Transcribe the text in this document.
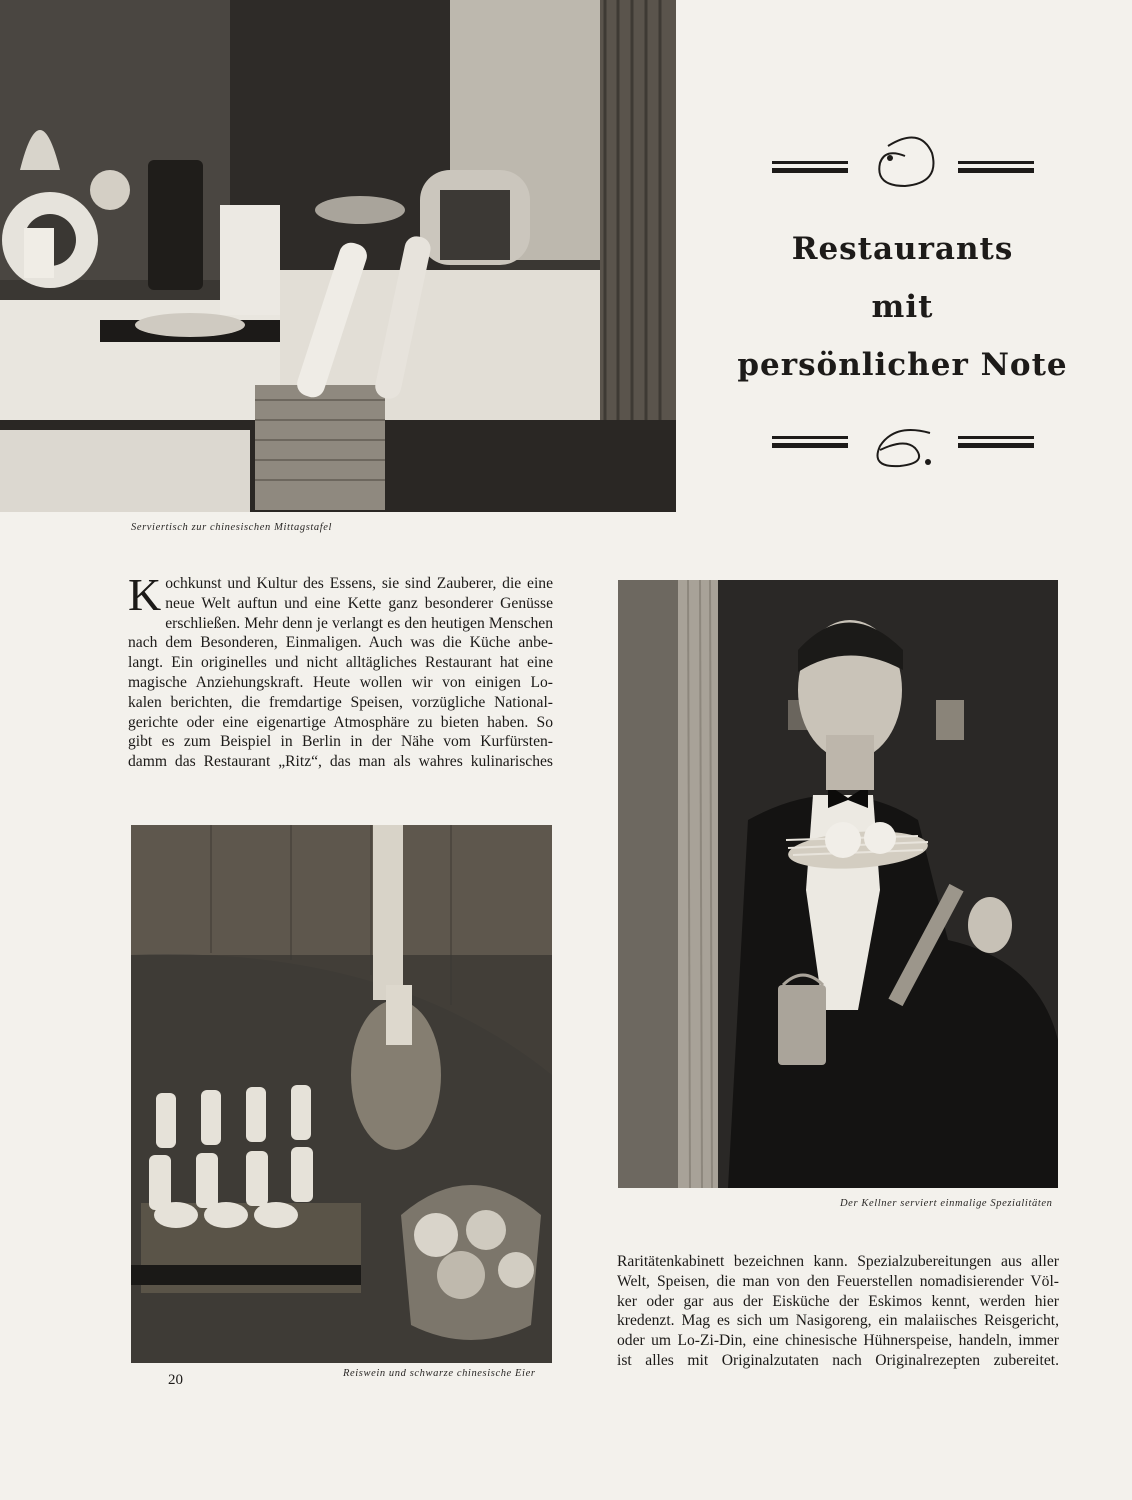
Serviertisch zur chinesischen Mittagstafel
Restaurants
mit
persönlicher Note
K ochkunst und Kultur des Essens, sie sind Zauberer, die eine
neue Welt auftun und eine Kette ganz besonderer Genüsse
erschließen. Mehr denn je verlangt es den heutigen Menschen
nach dem Besonderen, Einmaligen. Auch was die Küche anbe-
langt. Ein originelles und nicht alltägliches Restaurant hat eine
magische Anziehungskraft. Heute wollen wir von einigen Lo-
kalen berichten, die fremdartige Speisen, vorzügliche National-
gerichte oder eine eigenartige Atmosphäre zu bieten haben. So
gibt es zum Beispiel in Berlin in der Nähe vom Kurfürsten-
damm das Restaurant „Ritz“, das man als wahres kulinarisches
Der Kellner serviert einmalige Spezialitäten
Reiswein und schwarze chinesische Eier
Raritätenkabinett bezeichnen kann. Spezialzubereitungen aus aller
Welt, Speisen, die man von den Feuerstellen nomadisierender Völ-
ker oder gar aus der Eisküche der Eskimos kennt, werden hier
kredenzt. Mag es sich um Nasigoreng, ein malaiisches Reisgericht,
oder um Lo-Zi-Din, eine chinesische Hühnerspeise, handeln, immer
ist alles mit Originalzutaten nach Originalrezepten zubereitet.
20
